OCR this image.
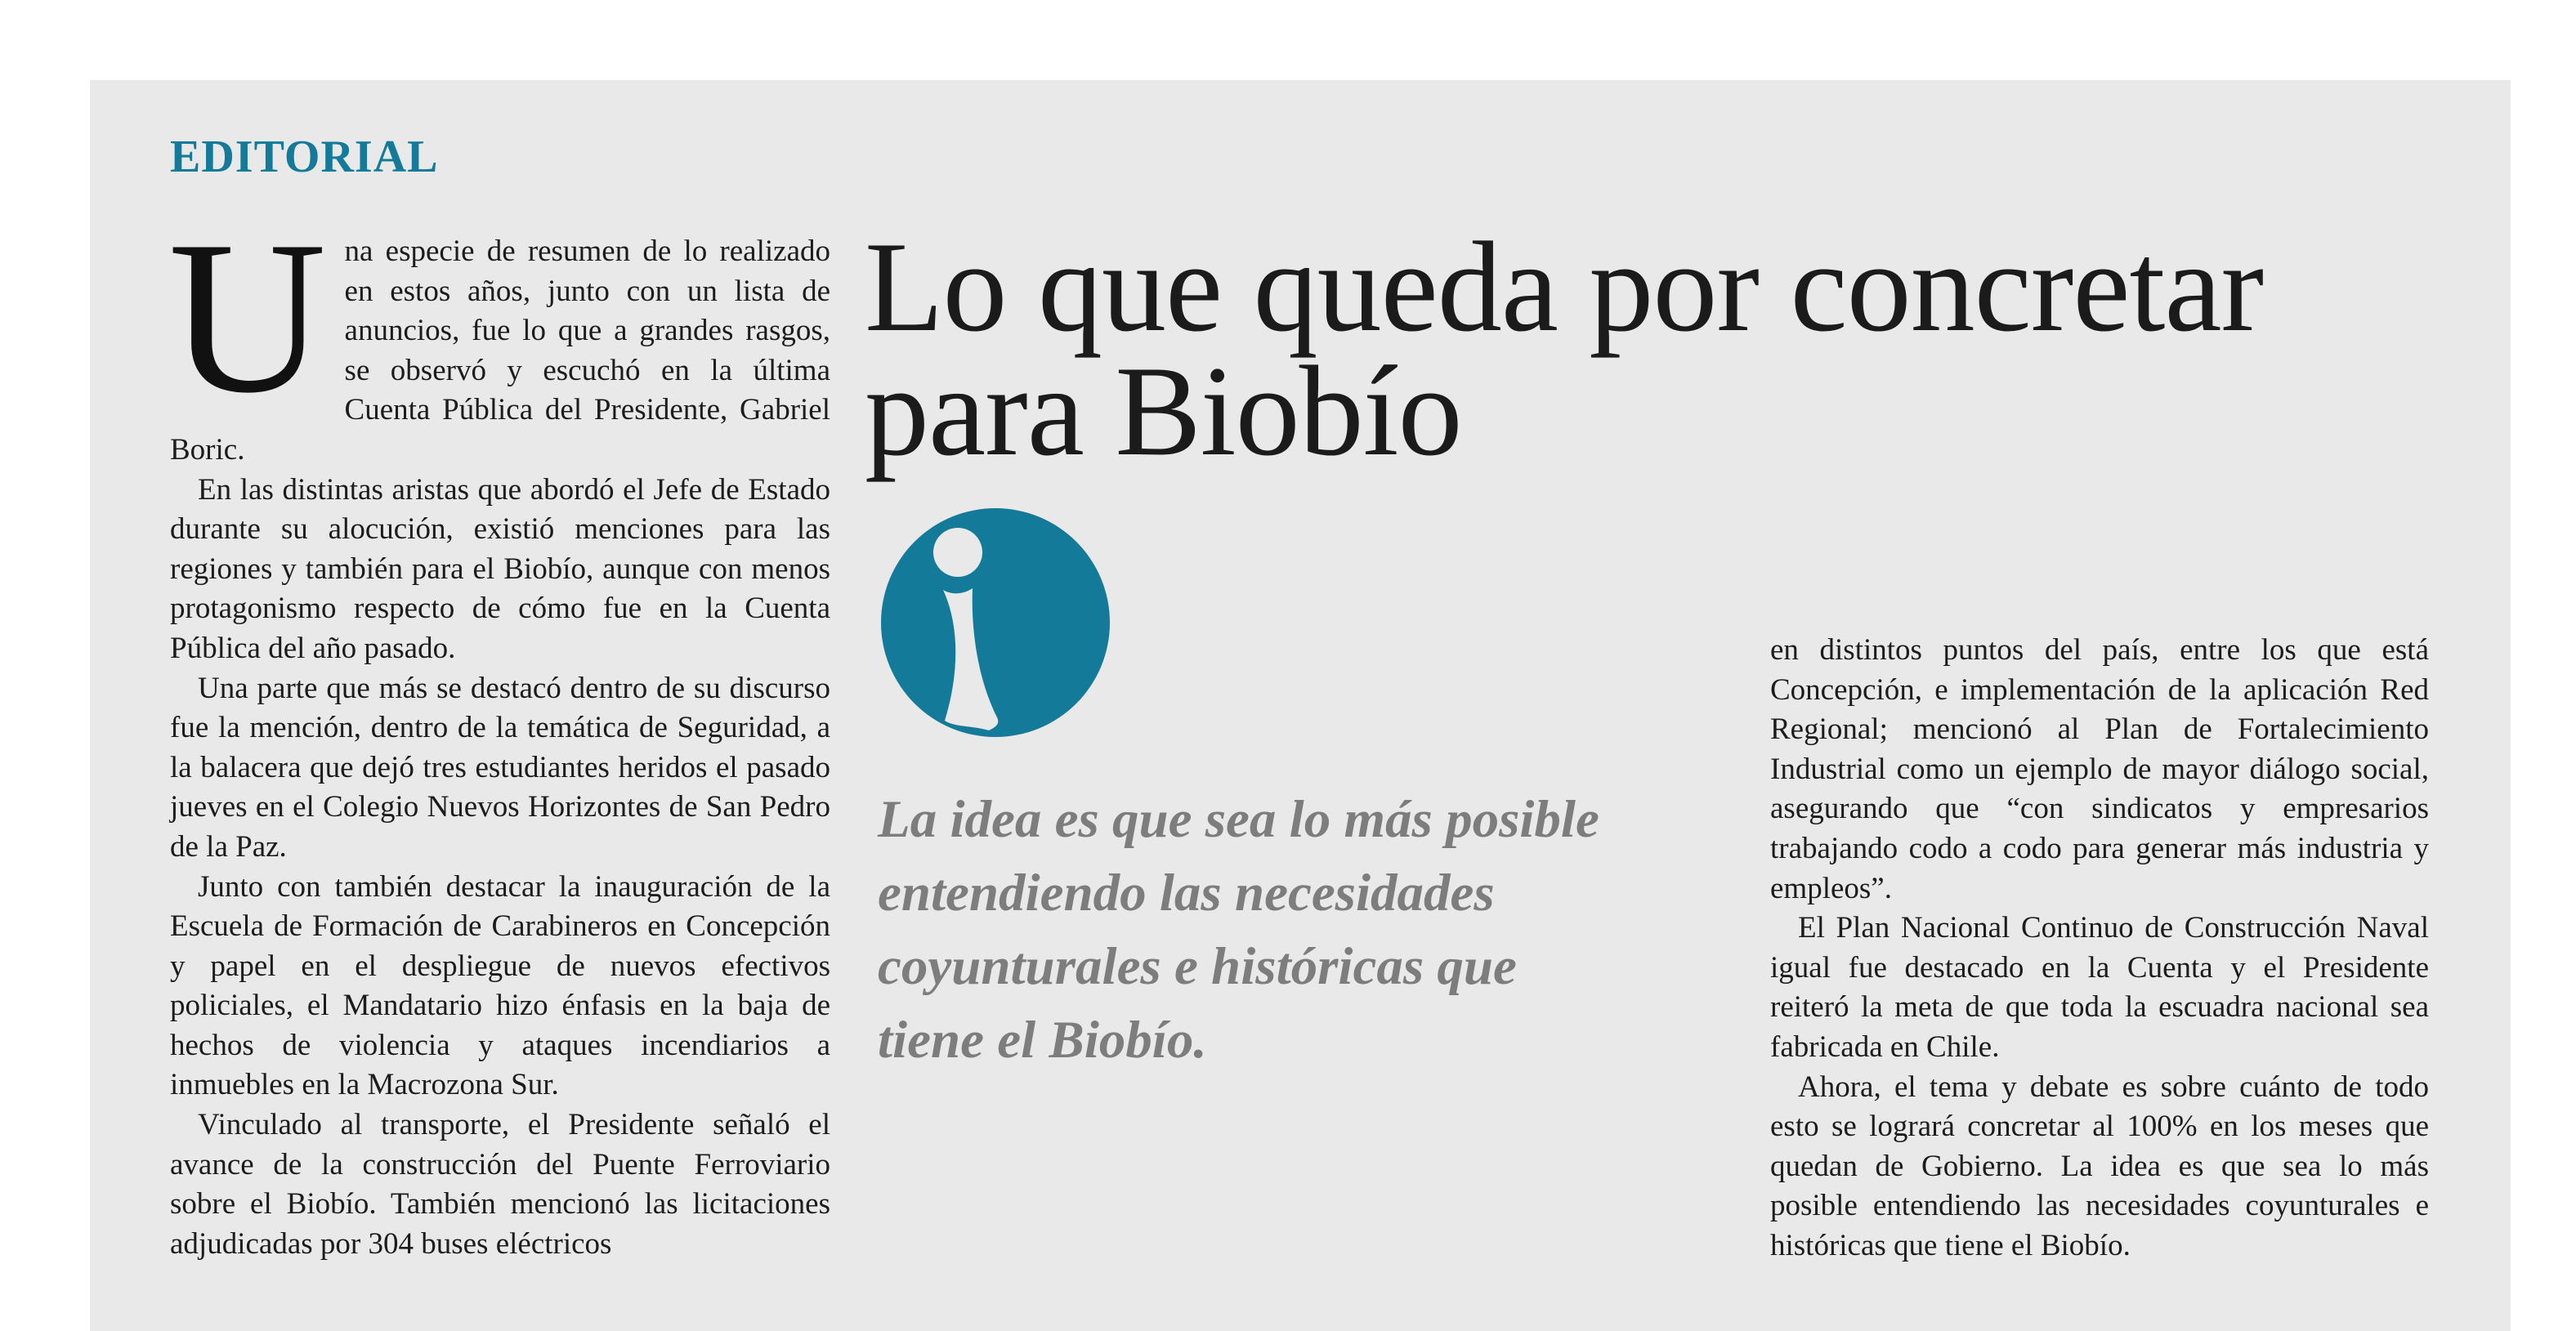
EDITORIAL

Una especie de resumen de lo realizado en estos años, junto con un lista de anuncios, fue lo que a grandes rasgos, se observó y escuchó en la última Cuenta Pública del Presidente, Gabriel Boric.

En las distintas aristas que abordó el Jefe de Estado durante su alocución, existió menciones para las regiones y también para el Biobío, aunque con menos protagonismo respecto de cómo fue en la Cuenta Pública del año pasado.

Una parte que más se destacó dentro de su discurso fue la mención, dentro de la temática de Seguridad, a la balacera que dejó tres estudiantes heridos el pasado jueves en el Colegio Nuevos Horizontes de San Pedro de la Paz.

Junto con también destacar la inauguración de la Escuela de Formación de Carabineros en Concepción y papel en el despliegue de nuevos efectivos policiales, el Mandatario hizo énfasis en la baja de hechos de violencia y ataques incendiarios a inmuebles en la Macrozona Sur.

Vinculado al transporte, el Presidente señaló el avance de la construcción del Puente Ferroviario sobre el Biobío. También mencionó las licitaciones adjudicadas por 304 buses eléctricos

Lo que queda por concretar para Biobío

La idea es que sea lo más posible entendiendo las necesidades coyunturales e históricas que tiene el Biobío.

en distintos puntos del país, entre los que está Concepción, e implementación de la aplicación Red Regional; mencionó al Plan de Fortalecimiento Industrial como un ejemplo de mayor diálogo social, asegurando que “con sindicatos y empresarios trabajando codo a codo para generar más industria y empleos”.

El Plan Nacional Continuo de Construcción Naval igual fue destacado en la Cuenta y el Presidente reiteró la meta de que toda la escuadra nacional sea fabricada en Chile.

Ahora, el tema y debate es sobre cuánto de todo esto se logrará concretar al 100% en los meses que quedan de Gobierno. La idea es que sea lo más posible entendiendo las necesidades coyunturales e históricas que tiene el Biobío.
